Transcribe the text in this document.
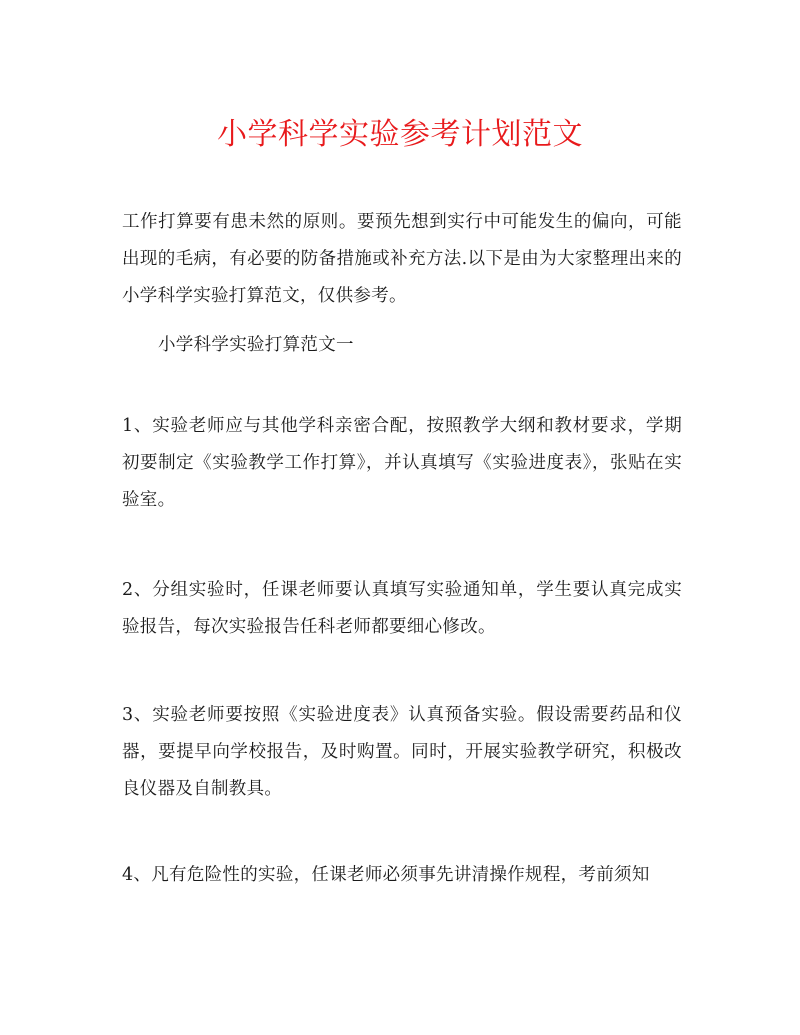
小学科学实验参考计划范文

工作打算要有患未然的原则。要预先想到实行中可能发生的偏向，可能出现的毛病，有必要的防备措施或补充方法.以下是由为大家整理出来的小学科学实验打算范文，仅供参考。

小学科学实验打算范文一

1、实验老师应与其他学科亲密合配，按照教学大纲和教材要求，学期初要制定《实验教学工作打算》，并认真填写《实验进度表》，张贴在实验室。

2、分组实验时，任课老师要认真填写实验通知单，学生要认真完成实验报告，每次实验报告任科老师都要细心修改。

3、实验老师要按照《实验进度表》认真预备实验。假设需要药品和仪器，要提早向学校报告，及时购置。同时，开展实验教学研究，积极改良仪器及自制教具。

4、凡有危险性的实验，任课老师必须事先讲清操作规程，考前须知
